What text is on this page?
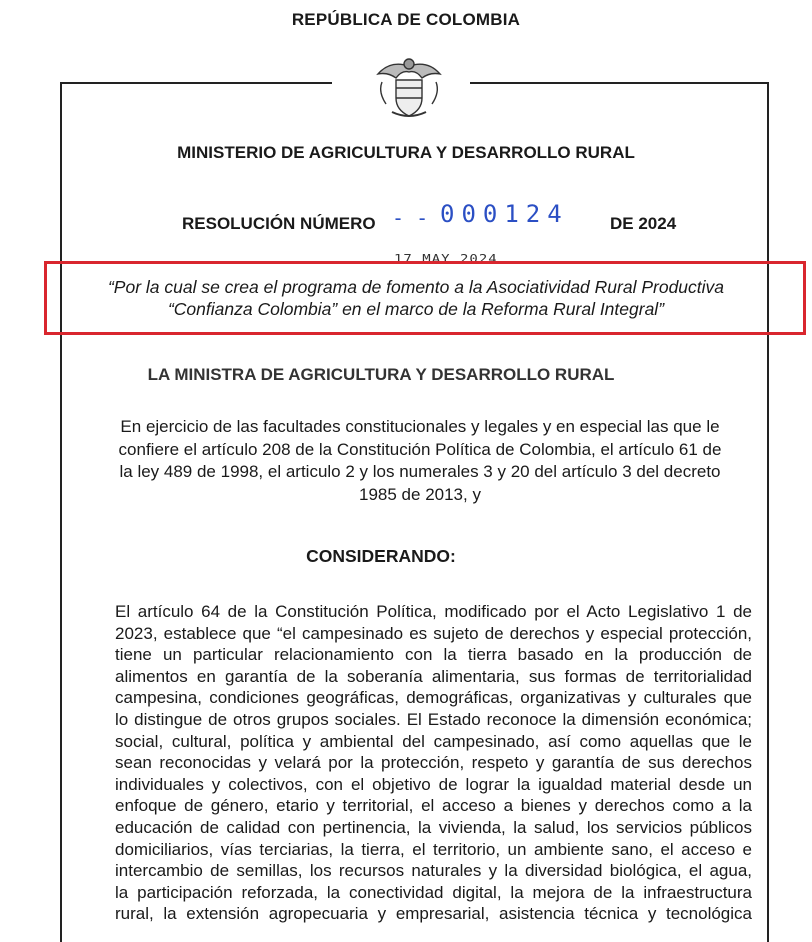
REPÚBLICA DE COLOMBIA
MINISTERIO DE AGRICULTURA Y DESARROLLO RURAL
RESOLUCIÓN NÚMERO - - 000124 DE 2024
17 MAY 2024
“Por la cual se crea el programa de fomento a la Asociatividad Rural Productiva
“Confianza Colombia” en el marco de la Reforma Rural Integral”
LA MINISTRA DE AGRICULTURA Y DESARROLLO RURAL
En ejercicio de las facultades constitucionales y legales y en especial las que le
confiere el artículo 208 de la Constitución Política de Colombia, el artículo 61 de
la ley 489 de 1998, el articulo 2 y los numerales 3 y 20 del artículo 3 del decreto
1985 de 2013, y
CONSIDERANDO:
El artículo 64 de la Constitución Política, modificado por el Acto Legislativo 1 de
2023, establece que “el campesinado es sujeto de derechos y especial protección,
tiene un particular relacionamiento con la tierra basado en la producción de
alimentos en garantía de la soberanía alimentaria, sus formas de territorialidad
campesina, condiciones geográficas, demográficas, organizativas y culturales que
lo distingue de otros grupos sociales. El Estado reconoce la dimensión económica;
social, cultural, política y ambiental del campesinado, así como aquellas que le
sean reconocidas y velará por la protección, respeto y garantía de sus derechos
individuales y colectivos, con el objetivo de lograr la igualdad material desde un
enfoque de género, etario y territorial, el acceso a bienes y derechos como a la
educación de calidad con pertinencia, la vivienda, la salud, los servicios públicos
domiciliarios, vías terciarias, la tierra, el territorio, un ambiente sano, el acceso e
intercambio de semillas, los recursos naturales y la diversidad biológica, el agua,
la participación reforzada, la conectividad digital, la mejora de la infraestructura
rural, la extensión agropecuaria y empresarial, asistencia técnica y tecnológica
